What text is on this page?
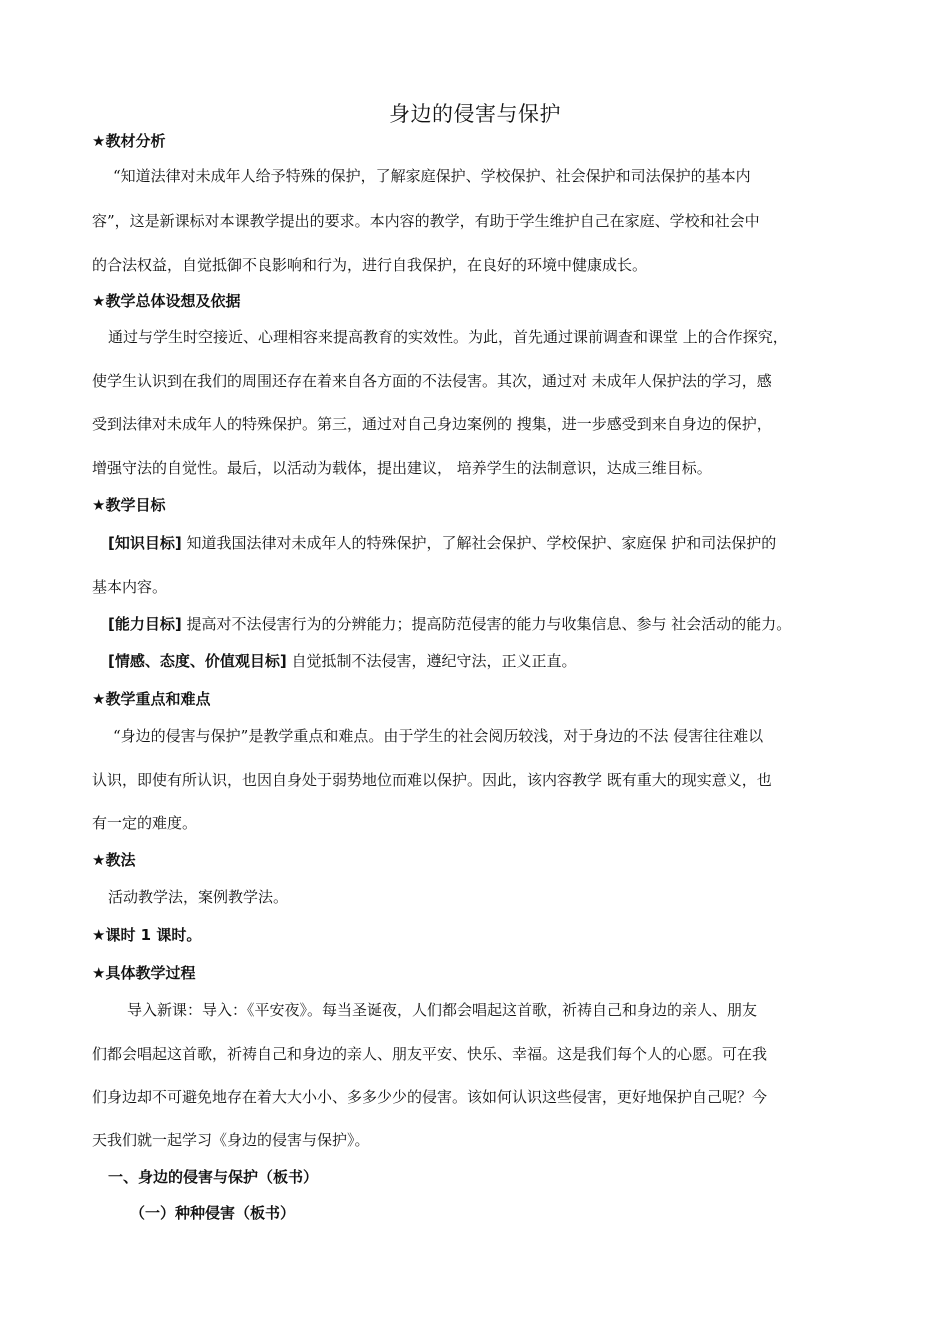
身边的侵害与保护
★教材分析
“知道法律对未成年人给予特殊的保护，了解家庭保护、学校保护、社会保护和司法保护的基本内
容”，这是新课标对本课教学提出的要求。本内容的教学，有助于学生维护自己在家庭、学校和社会中
的合法权益，自觉抵御不良影响和行为，进行自我保护，在良好的环境中健康成长。
★教学总体设想及依据
通过与学生时空接近、心理相容来提高教育的实效性。为此，首先通过课前调查和课堂 上的合作探究，
使学生认识到在我们的周围还存在着来自各方面的不法侵害。其次，通过对 未成年人保护法的学习，感
受到法律对未成年人的特殊保护。第三，通过对自己身边案例的 搜集，进一步感受到来自身边的保护，
增强守法的自觉性。最后，以活动为载体，提出建议， 培养学生的法制意识，达成三维目标。
★教学目标
[知识目标] 知道我国法律对未成年人的特殊保护，了解社会保护、学校保护、家庭保 护和司法保护的
基本内容。
[能力目标] 提高对不法侵害行为的分辨能力；提高防范侵害的能力与收集信息、参与 社会活动的能力。
[情感、态度、价值观目标] 自觉抵制不法侵害，遵纪守法，正义正直。
★教学重点和难点
“身边的侵害与保护”是教学重点和难点。由于学生的社会阅历较浅，对于身边的不法 侵害往往难以
认识，即使有所认识，也因自身处于弱势地位而难以保护。因此，该内容教学 既有重大的现实意义，也
有一定的难度。
★教法
活动教学法，案例教学法。
★课时 1 课时。
★具体教学过程
导入新课：导入：《平安夜》。每当圣诞夜，人们都会唱起这首歌，祈祷自己和身边的亲人、朋友
们都会唱起这首歌，祈祷自己和身边的亲人、朋友平安、快乐、幸福。这是我们每个人的心愿。可在我
们身边却不可避免地存在着大大小小、多多少少的侵害。该如何认识这些侵害，更好地保护自己呢？今
天我们就一起学习《身边的侵害与保护》。
一、身边的侵害与保护（板书）
（一）种种侵害（板书）
